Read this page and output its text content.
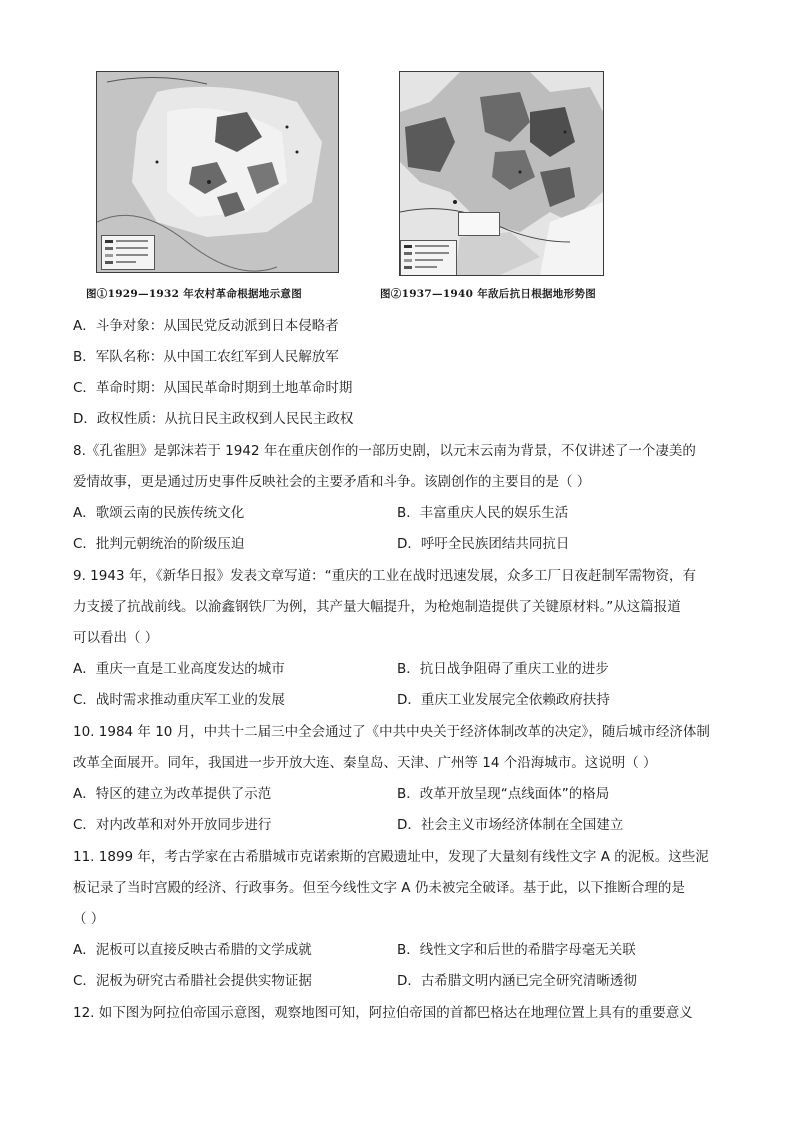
图①1929—1932 年农村革命根据地示意图	图②1937—1940 年敌后抗日根据地形势图
A．斗争对象：从国民党反动派到日本侵略者
B．军队名称：从中国工农红军到人民解放军
C．革命时期：从国民革命时期到土地革命时期
D．政权性质：从抗日民主政权到人民民主政权
8.《孔雀胆》是郭沫若于 1942 年在重庆创作的一部历史剧，以元末云南为背景，不仅讲述了一个凄美的
爱情故事，更是通过历史事件反映社会的主要矛盾和斗争。该剧创作的主要目的是（ ）
A．歌颂云南的民族传统文化	B．丰富重庆人民的娱乐生活
C．批判元朝统治的阶级压迫	D．呼吁全民族团结共同抗日
9. 1943 年，《新华日报》发表文章写道：“重庆的工业在战时迅速发展，众多工厂日夜赶制军需物资，有
力支援了抗战前线。以渝鑫钢铁厂为例，其产量大幅提升，为枪炮制造提供了关键原材料。”从这篇报道
可以看出（ ）
A．重庆一直是工业高度发达的城市	B．抗日战争阻碍了重庆工业的进步
C．战时需求推动重庆军工业的发展	D．重庆工业发展完全依赖政府扶持
10. 1984 年 10 月，中共十二届三中全会通过了《中共中央关于经济体制改革的决定》，随后城市经济体制
改革全面展开。同年，我国进一步开放大连、秦皇岛、天津、广州等 14 个沿海城市。这说明（ ）
A．特区的建立为改革提供了示范	B．改革开放呈现“点线面体”的格局
C．对内改革和对外开放同步进行	D．社会主义市场经济体制在全国建立
11. 1899 年，考古学家在古希腊城市克诺索斯的宫殿遗址中，发现了大量刻有线性文字 A 的泥板。这些泥
板记录了当时宫殿的经济、行政事务。但至今线性文字 A 仍未被完全破译。基于此，以下推断合理的是
（ ）
A．泥板可以直接反映古希腊的文学成就	B．线性文字和后世的希腊字母毫无关联
C．泥板为研究古希腊社会提供实物证据	D．古希腊文明内涵已完全研究清晰透彻
12. 如下图为阿拉伯帝国示意图，观察地图可知，阿拉伯帝国的首都巴格达在地理位置上具有的重要意义
